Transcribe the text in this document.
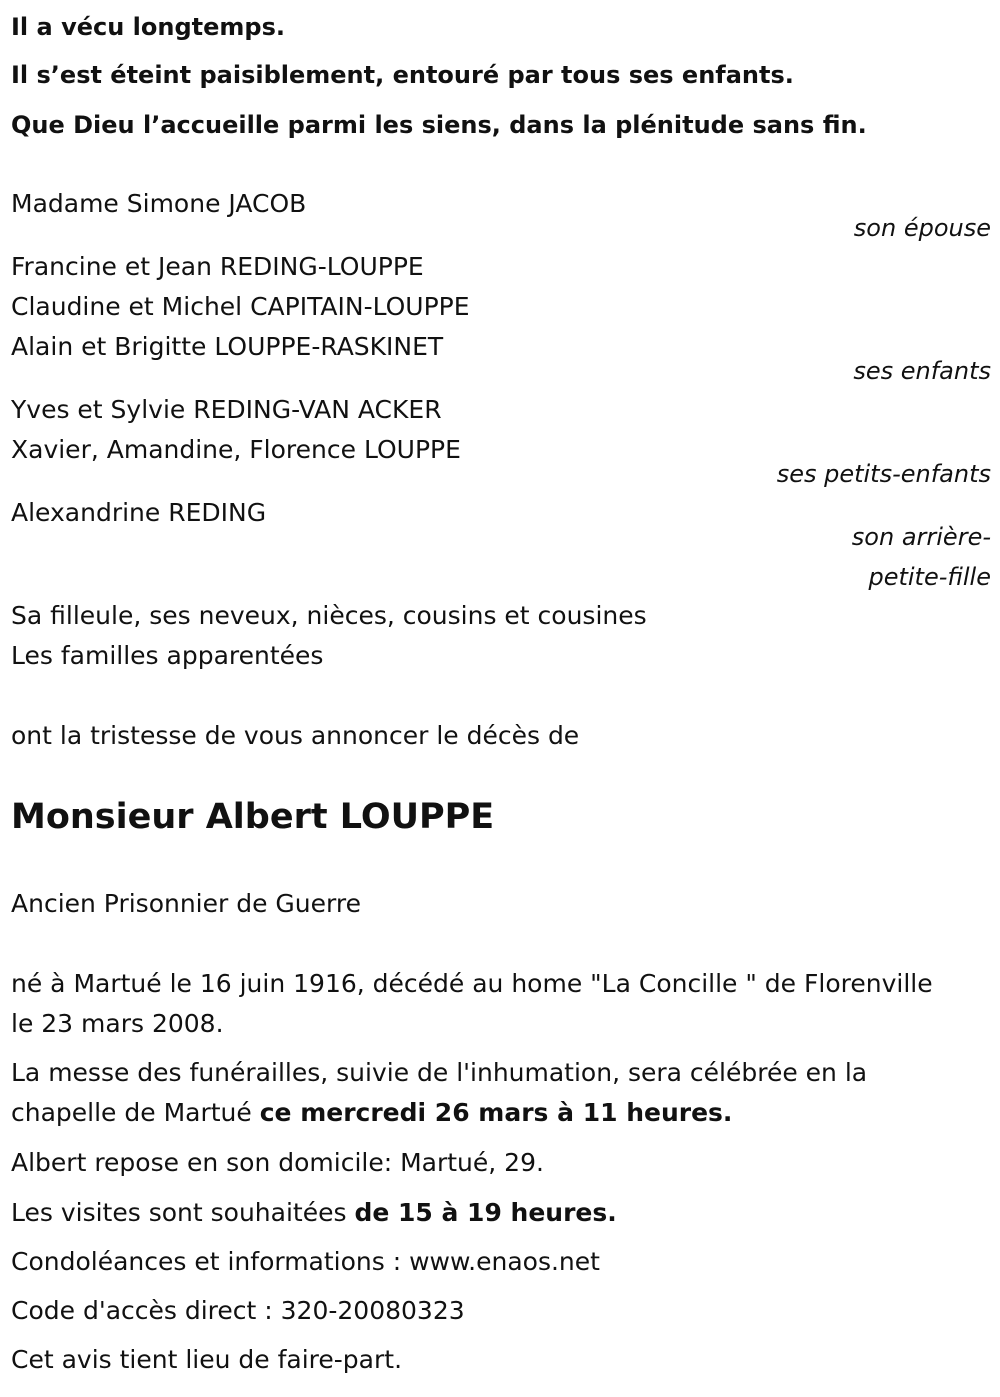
Il a vécu longtemps.
Il s’est éteint paisiblement, entouré par tous ses enfants.
Que Dieu l’accueille parmi les siens, dans la plénitude sans fin.
Madame Simone JACOB
son épouse
Francine et Jean REDING-LOUPPE
Claudine et Michel CAPITAIN-LOUPPE
Alain et Brigitte LOUPPE-RASKINET
ses enfants
Yves et Sylvie REDING-VAN ACKER
Xavier, Amandine, Florence LOUPPE
ses petits-enfants
Alexandrine REDING
son arrière-
petite-fille
Sa filleule, ses neveux, nièces, cousins et cousines
Les familles apparentées
ont la tristesse de vous annoncer le décès de
Monsieur Albert LOUPPE
Ancien Prisonnier de Guerre
né à Martué le 16 juin 1916, décédé au home "La Concille " de Florenville
le 23 mars 2008.
La messe des funérailles, suivie de l'inhumation, sera célébrée en la
chapelle de Martué ce mercredi 26 mars à 11 heures.
Albert repose en son domicile: Martué, 29.
Les visites sont souhaitées de 15 à 19 heures.
Condoléances et informations : www.enaos.net
Code d'accès direct : 320-20080323
Cet avis tient lieu de faire-part.
